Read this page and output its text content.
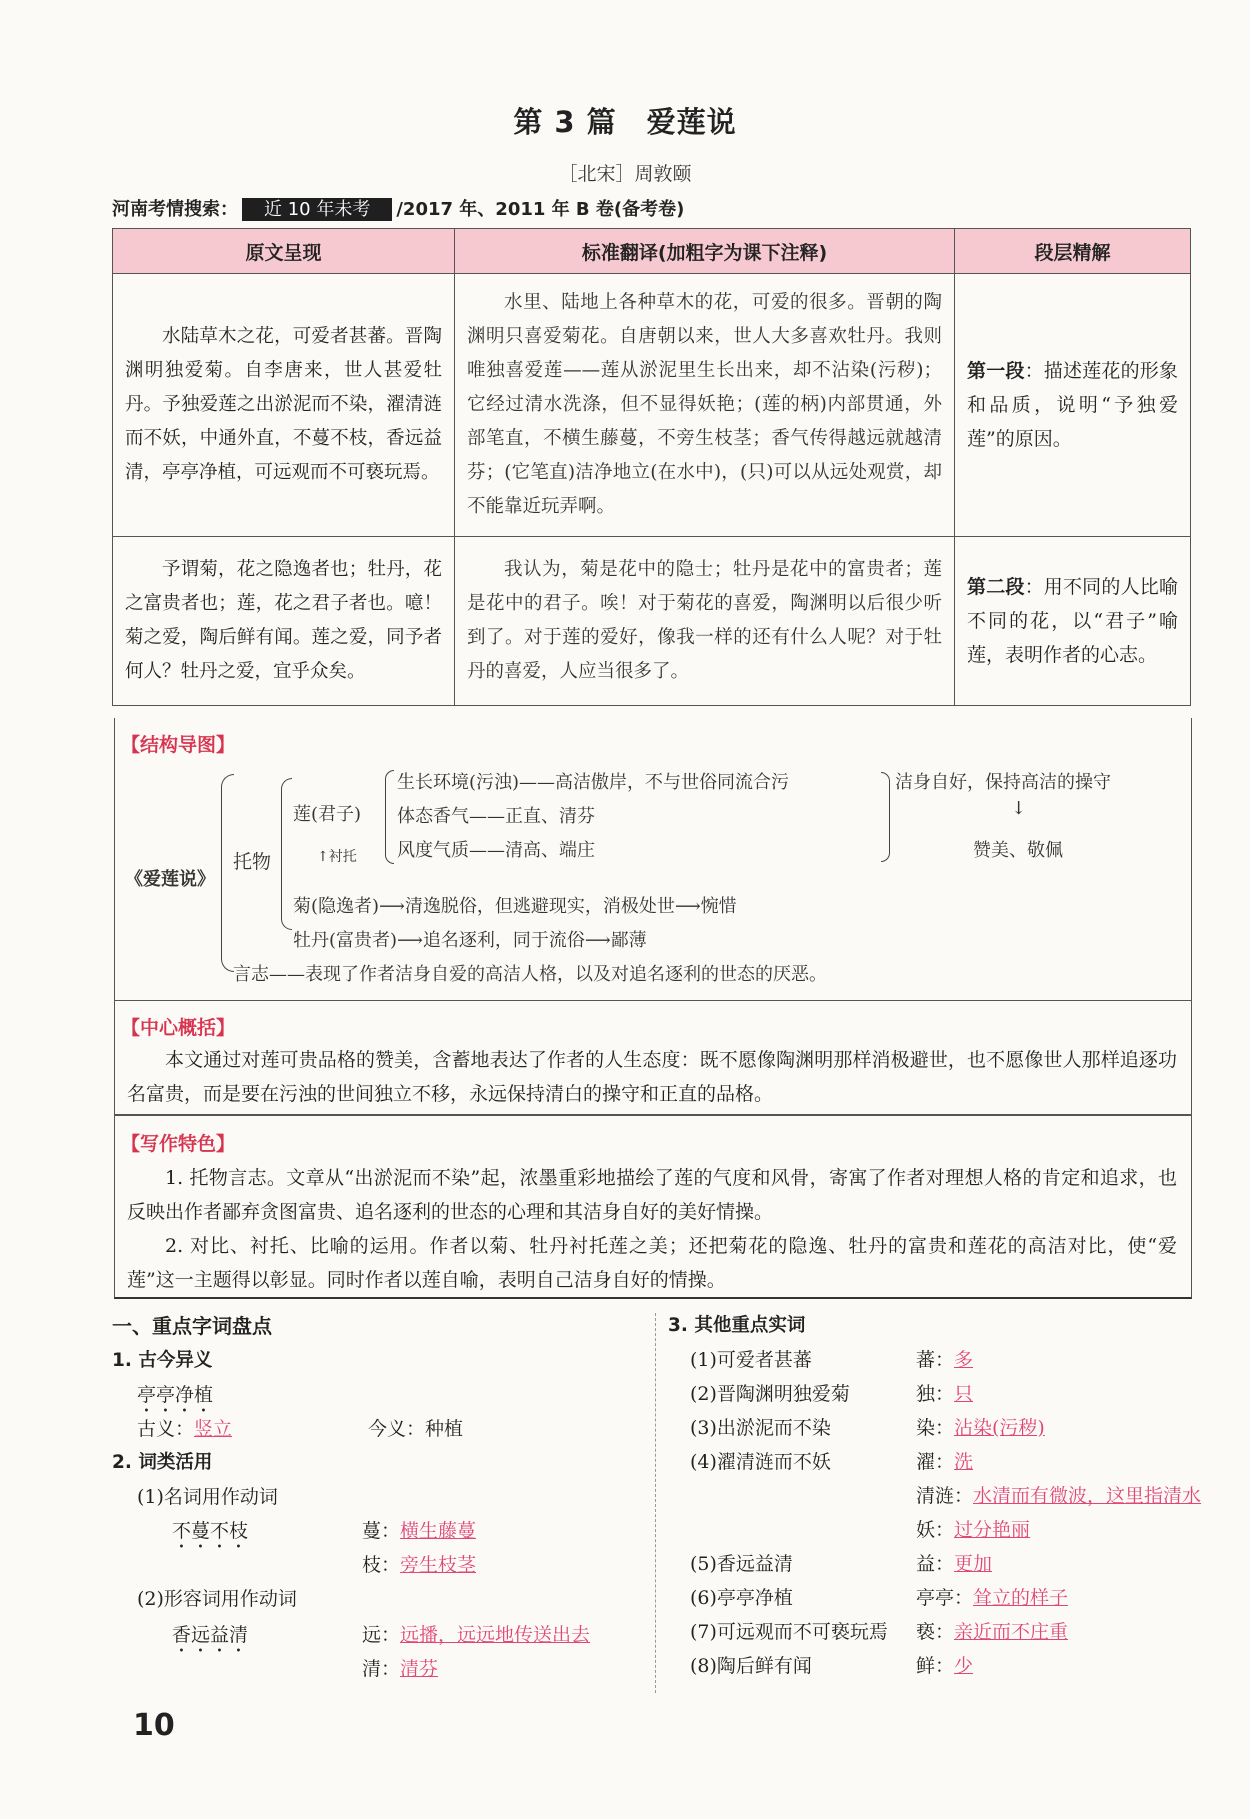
第 3 篇　爱莲说
［北宋］周敦颐
河南考情搜索： 近 10 年未考 /2017 年、2011 年 B 卷(备考卷)
原文呈现	标准翻译(加粗字为课下注释)	段层精解
水陆草木之花，可爱者甚蕃。晋陶渊明独爱菊。自李唐来，世人甚爱牡丹。予独爱莲之出淤泥而不染，濯清涟而不妖，中通外直，不蔓不枝，香远益清，亭亭净植，可远观而不可亵玩焉。	水里、陆地上各种草木的花，可爱的很多。晋朝的陶渊明只喜爱菊花。自唐朝以来，世人大多喜欢牡丹。我则唯独喜爱莲——莲从淤泥里生长出来，却不沾染(污秽)；它经过清水洗涤，但不显得妖艳；(莲的柄)内部贯通，外部笔直，不横生藤蔓，不旁生枝茎；香气传得越远就越清芬；(它笔直)洁净地立(在水中)，(只)可以从远处观赏，却不能靠近玩弄啊。	第一段：描述莲花的形象和品质，说明“予独爱莲”的原因。
予谓菊，花之隐逸者也；牡丹，花之富贵者也；莲，花之君子者也。噫！菊之爱，陶后鲜有闻。莲之爱，同予者何人？牡丹之爱，宜乎众矣。	我认为，菊是花中的隐士；牡丹是花中的富贵者；莲是花中的君子。唉！对于菊花的喜爱，陶渊明以后很少听到了。对于莲的爱好，像我一样的还有什么人呢？对于牡丹的喜爱，人应当很多了。	第二段：用不同的人比喻不同的花，以“君子”喻莲，表明作者的心志。
【结构导图】
《爱莲说》
托物
莲(君子)
↑衬托
生长环境(污浊)——高洁傲岸，不与世俗同流合污
体态香气——正直、清芬
风度气质——清高、端庄
洁身自好，保持高洁的操守
↓
赞美、敬佩
菊(隐逸者)⟶清逸脱俗，但逃避现实，消极处世⟶惋惜
牡丹(富贵者)⟶追名逐利，同于流俗⟶鄙薄
言志——表现了作者洁身自爱的高洁人格，以及对追名逐利的世态的厌恶。
【中心概括】
本文通过对莲可贵品格的赞美，含蓄地表达了作者的人生态度：既不愿像陶渊明那样消极避世，也不愿像世人那样追逐功名富贵，而是要在污浊的世间独立不移，永远保持清白的操守和正直的品格。
【写作特色】
1. 托物言志。文章从“出淤泥而不染”起，浓墨重彩地描绘了莲的气度和风骨，寄寓了作者对理想人格的肯定和追求，也反映出作者鄙弃贪图富贵、追名逐利的世态的心理和其洁身自好的美好情操。
2. 对比、衬托、比喻的运用。作者以菊、牡丹衬托莲之美；还把菊花的隐逸、牡丹的富贵和莲花的高洁对比，使“爱莲”这一主题得以彰显。同时作者以莲自喻，表明自己洁身自好的情操。
一、重点字词盘点
1. 古今异义
亭亭净植
古义：竖立	今义：种植
2. 词类活用
(1)名词用作动词
不蔓不枝	蔓：横生藤蔓
枝：旁生枝茎
(2)形容词用作动词
香远益清	远：远播，远远地传送出去
清：清芬
3. 其他重点实词
(1)可爱者甚蕃	蕃：多
(2)晋陶渊明独爱菊	独：只
(3)出淤泥而不染	染：沾染(污秽)
(4)濯清涟而不妖	濯：洗
清涟：水清而有微波，这里指清水
妖：过分艳丽
(5)香远益清	益：更加
(6)亭亭净植	亭亭：耸立的样子
(7)可远观而不可亵玩焉 亵：亲近而不庄重
(8)陶后鲜有闻	鲜：少
10
